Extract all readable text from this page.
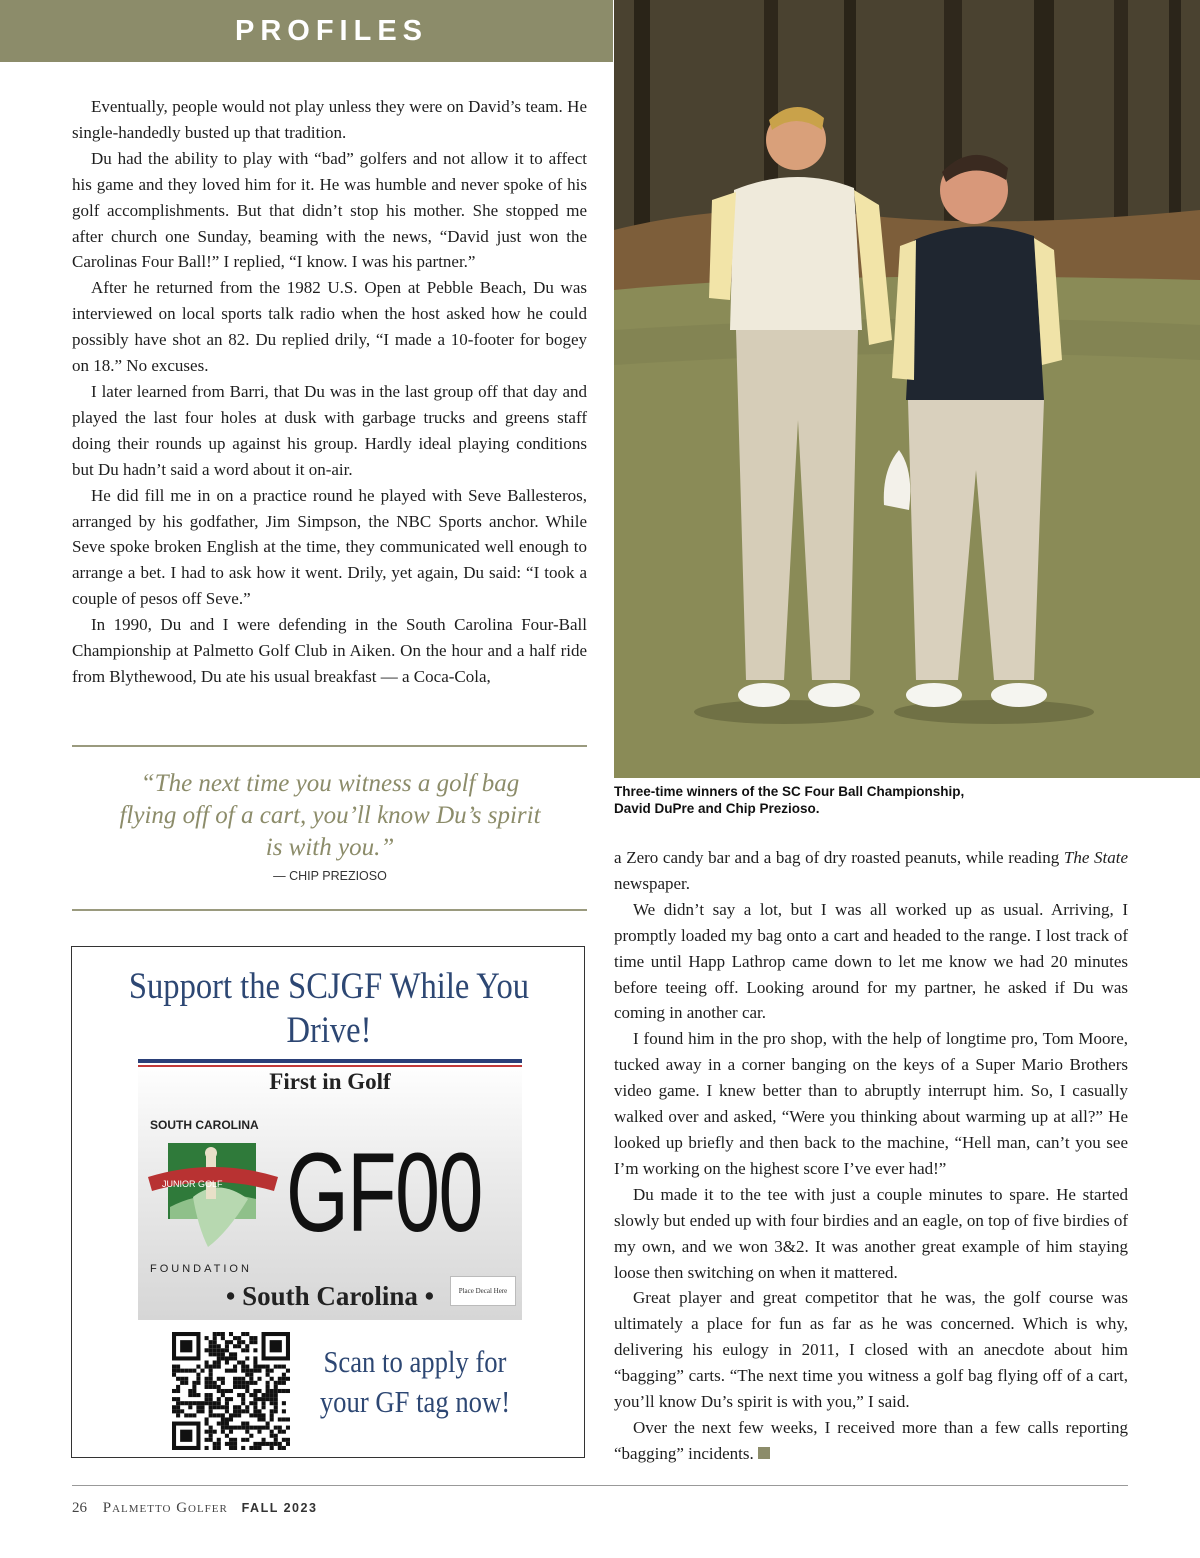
PROFILES

Eventually, people would not play unless they were on David’s team. He single-handedly busted up that tradition.

Du had the ability to play with “bad” golfers and not allow it to affect his game and they loved him for it. He was humble and never spoke of his golf accomplishments. But that didn’t stop his mother. She stopped me after church one Sunday, beaming with the news, “David just won the Carolinas Four Ball!” I replied, “I know. I was his partner.”

After he returned from the 1982 U.S. Open at Pebble Beach, Du was interviewed on local sports talk radio when the host asked how he could possibly have shot an 82. Du replied drily, “I made a 10-footer for bogey on 18.” No excuses.

I later learned from Barri, that Du was in the last group off that day and played the last four holes at dusk with garbage trucks and greens staff doing their rounds up against his group. Hardly ideal playing conditions but Du hadn’t said a word about it on-air.

He did fill me in on a practice round he played with Seve Ballesteros, arranged by his godfather, Jim Simpson, the NBC Sports anchor. While Seve spoke broken English at the time, they communicated well enough to arrange a bet. I had to ask how it went. Drily, yet again, Du said: “I took a couple of pesos off Seve.”

In 1990, Du and I were defending in the South Carolina Four-Ball Championship at Palmetto Golf Club in Aiken. On the hour and a half ride from Blythewood, Du ate his usual breakfast — a Coca-Cola,

Three-time winners of the SC Four Ball Championship,
David DuPre and Chip Prezioso.
“The next time you witness a golf bag flying off of a cart, you’ll know Du’s spirit is with you.”
— CHIP PREZIOSO
Support the SCJGF While You Drive!
First in Golf
SOUTH CAROLINA
JUNIOR GOLF
FOUNDATION
GF00
• South Carolina •	Place Decal Here
Scan to apply for your GF tag now!

a Zero candy bar and a bag of dry roasted peanuts, while reading The State newspaper.

We didn’t say a lot, but I was all worked up as usual. Arriving, I promptly loaded my bag onto a cart and headed to the range. I lost track of time until Happ Lathrop came down to let me know we had 20 minutes before teeing off. Looking around for my partner, he asked if Du was coming in another car.

I found him in the pro shop, with the help of longtime pro, Tom Moore, tucked away in a corner banging on the keys of a Super Mario Brothers video game. I knew better than to abruptly interrupt him. So, I casually walked over and asked, “Were you thinking about warming up at all?” He looked up briefly and then back to the machine, “Hell man, can’t you see I’m working on the highest score I’ve ever had!”

Du made it to the tee with just a couple minutes to spare. He started slowly but ended up with four birdies and an eagle, on top of five birdies of my own, and we won 3&2. It was another great example of him staying loose then switching on when it mattered.

Great player and great competitor that he was, the golf course was ultimately a place for fun as far as he was concerned. Which is why, delivering his eulogy in 2011, I closed with an anecdote about him “bagging” carts. “The next time you witness a golf bag flying off of a cart, you’ll know Du’s spirit is with you,” I said.

Over the next few weeks, I received more than a few calls reporting “bagging” incidents.

26 Palmetto Golfer FALL 2023
